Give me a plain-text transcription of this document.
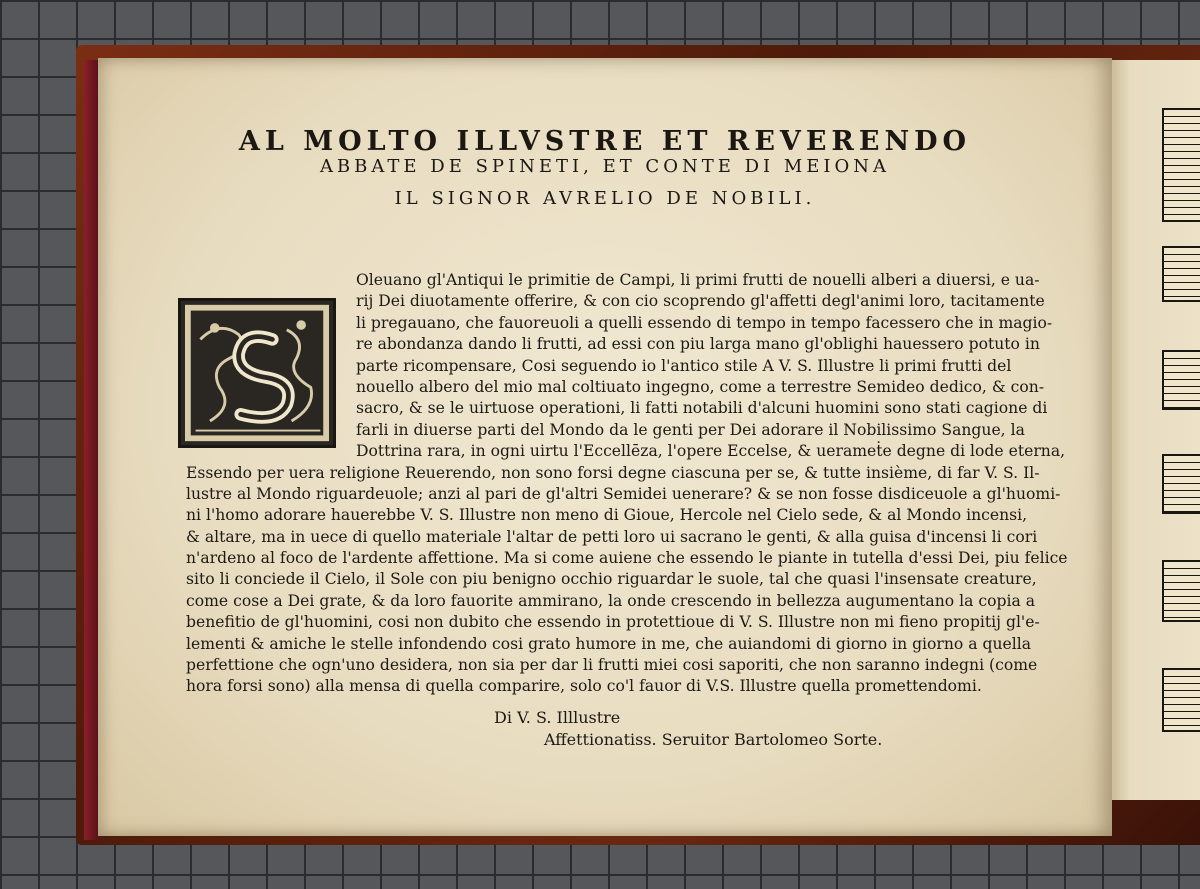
AL MOLTO ILLVSTRE ET REVERENDO
ABBATE DE SPINETI, ET CONTE DI MEIONA
IL SIGNOR AVRELIO DE NOBILI.
Oleuano gl'Antiqui le primitie de Campi, li primi frutti de nouelli alberi a diuersi, e ua-
rij Dei diuotamente offerire, & con cio scoprendo gl'affetti degl'animi loro, tacitamente
li pregauano, che fauoreuoli a quelli essendo di tempo in tempo facessero che in magio-
re abondanza dando li frutti, ad essi con piu larga mano gl'oblighi hauessero potuto in
parte ricompensare, Cosi seguendo io l'antico stile A V. S. Illustre li primi frutti del
nouello albero del mio mal coltiuato ingegno, come a terrestre Semideo dedico, & con-
sacro, & se le uirtuose operationi, li fatti notabili d'alcuni huomini sono stati cagione di
farli in diuerse parti del Mondo da le genti per Dei adorare il Nobilissimo Sangue, la
Dottrina rara, in ogni uirtu l'Eccellēza, l'opere Eccelse, & uerameṫe degne di lode eterna,
Essendo per uera religione Reuerendo, non sono forsi degne ciascuna per se, & tutte insième, di far V. S. Il-
lustre al Mondo riguardeuole; anzi al pari de gl'altri Semidei uenerare? & se non fosse disdiceuole a gl'huomi-
ni l'homo adorare hauerebbe V. S. Illustre non meno di Gioue, Hercole nel Cielo sede, & al Mondo incensi,
& altare, ma in uece di quello materiale l'altar de petti loro ui sacrano le genti, & alla guisa d'incensi li cori
n'ardeno al foco de l'ardente affettione. Ma si come auiene che essendo le piante in tutella d'essi Dei, piu felice
sito li conciede il Cielo, il Sole con piu benigno occhio riguardar le suole, tal che quasi l'insensate creature,
come cose a Dei grate, & da loro fauorite ammirano, la onde crescendo in bellezza augumentano la copia a
benefitio de gl'huomini, cosi non dubito che essendo in protettioue di V. S. Illustre non mi fieno propitij gl'e-
lementi & amiche le stelle infondendo cosi grato humore in me, che auiandomi di giorno in giorno a quella
perfettione che ogn'uno desidera, non sia per dar li frutti miei cosi saporiti, che non saranno indegni (come
hora forsi sono) alla mensa di quella comparire, solo co'l fauor di V.S. Illustre quella promettendomi.
Di V. S. Illlustre
Affettionatiss. Seruitor Bartolomeo Sorte.
